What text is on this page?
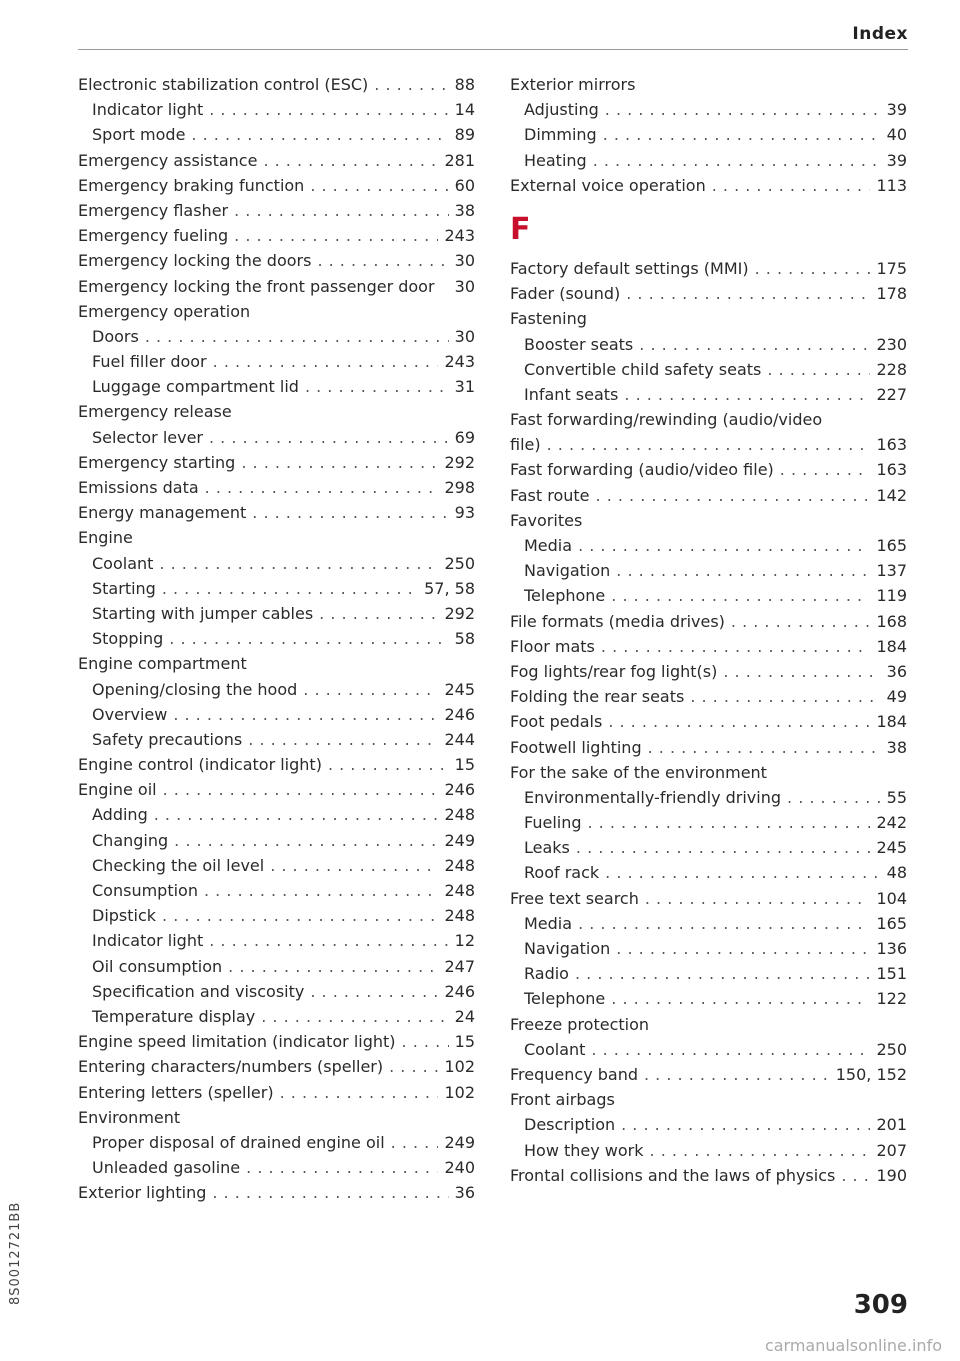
Index
Electronic stabilization control (ESC) . . .	88
Indicator light . . .	14
Sport mode . . .	89
Emergency assistance . . .	281
Emergency braking function . . .	60
Emergency flasher . . .	38
Emergency fueling . . .	243
Emergency locking the doors . . .	30
Emergency locking the front passenger door 30
Emergency operation
Doors . . .	30
Fuel filler door . . .	243
Luggage compartment lid . . .	31
Emergency release
Selector lever . . .	69
Emergency starting . . .	292
Emissions data . . .	298
Energy management . . .	93
Engine
Coolant . . .	250
Starting . . .	57, 58
Starting with jumper cables . . .	292
Stopping . . .	58
Engine compartment
Opening/closing the hood . . .	245
Overview . . .	246
Safety precautions . . .	244
Engine control (indicator light) . . .	15
Engine oil . . .	246
Adding . . .	248
Changing . . .	249
Checking the oil level . . .	248
Consumption . . .	248
Dipstick . . .	248
Indicator light . . .	12
Oil consumption . . .	247
Specification and viscosity . . .	246
Temperature display . . .	24
Engine speed limitation (indicator light) . . .	15
Entering characters/numbers (speller) . . .	102
Entering letters (speller) . . .	102
Environment
Proper disposal of drained engine oil . . .	249
Unleaded gasoline . . .	240
Exterior lighting . . .	36
Exterior mirrors
Adjusting . . .	39
Dimming . . .	40
Heating . . .	39
External voice operation . . .	113
F
Factory default settings (MMI) . . .	175
Fader (sound) . . .	178
Fastening
Booster seats . . .	230
Convertible child safety seats . . .	228
Infant seats . . .	227
Fast forwarding/rewinding (audio/video
file) . . .	163
Fast forwarding (audio/video file) . . .	163
Fast route . . .	142
Favorites
Media . . .	165
Navigation . . .	137
Telephone . . .	119
File formats (media drives) . . .	168
Floor mats . . .	184
Fog lights/rear fog light(s) . . .	36
Folding the rear seats . . .	49
Foot pedals . . .	184
Footwell lighting . . .	38
For the sake of the environment
Environmentally-friendly driving . . .	55
Fueling . . .	242
Leaks . . .	245
Roof rack . . .	48
Free text search . . .	104
Media . . .	165
Navigation . . .	136
Radio . . .	151
Telephone . . .	122
Freeze protection
Coolant . . .	250
Frequency band . . .	150, 152
Front airbags
Description . . .	201
How they work . . .	207
Frontal collisions and the laws of physics . . .	190
8S0012721BB	309
carmanualsonline.info
